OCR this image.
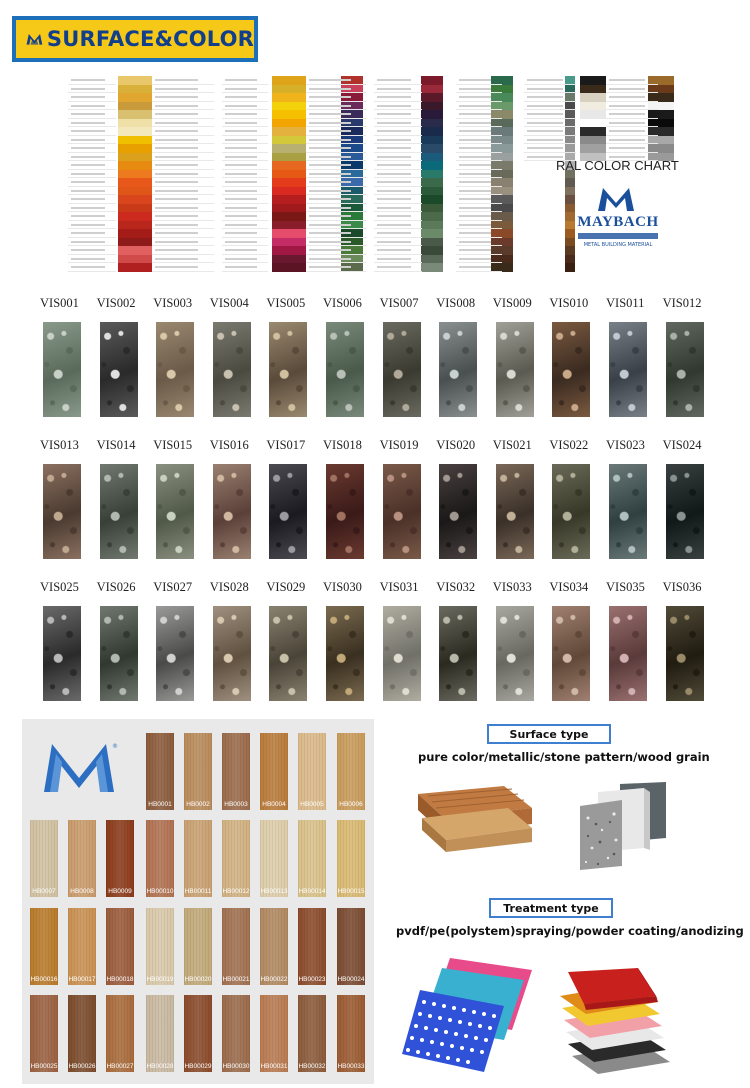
SURFACE&COLOR
RAL COLOR CHART
MAYBACH
METAL BUILDING MATERIAL
VIS001 VIS002 VIS003 VIS004 VIS005 VIS006 VIS007 VIS008 VIS009 VIS010 VIS011 VIS012
VIS013 VIS014 VIS015 VIS016 VIS017 VIS018 VIS019 VIS020 VIS021 VIS022 VIS023 VIS024
VIS025 VIS026 VIS027 VIS028 VIS029 VIS030 VIS031 VIS032 VIS033 VIS034 VIS035 VIS036
®
HB0001	HB0002	HB0003	HB0004	HB0005	HB0006
HB0007	HB0008	HB0009	HB00010 HB00011 HB00012 HB00013 HB00014 HB00015
HB00016 HB00017 HB00018 HB00019 HB00020 HB00021 HB00022 HB00023 HB00024
HB00025 HB00026 HB00027 HB00028 HB00029 HB00030 HB00031 HB00032 HB00033
Surface type
pure color/metallic/stone pattern/wood grain
Treatment type
pvdf/pe(polystem)spraying/powder coating/anodizing
